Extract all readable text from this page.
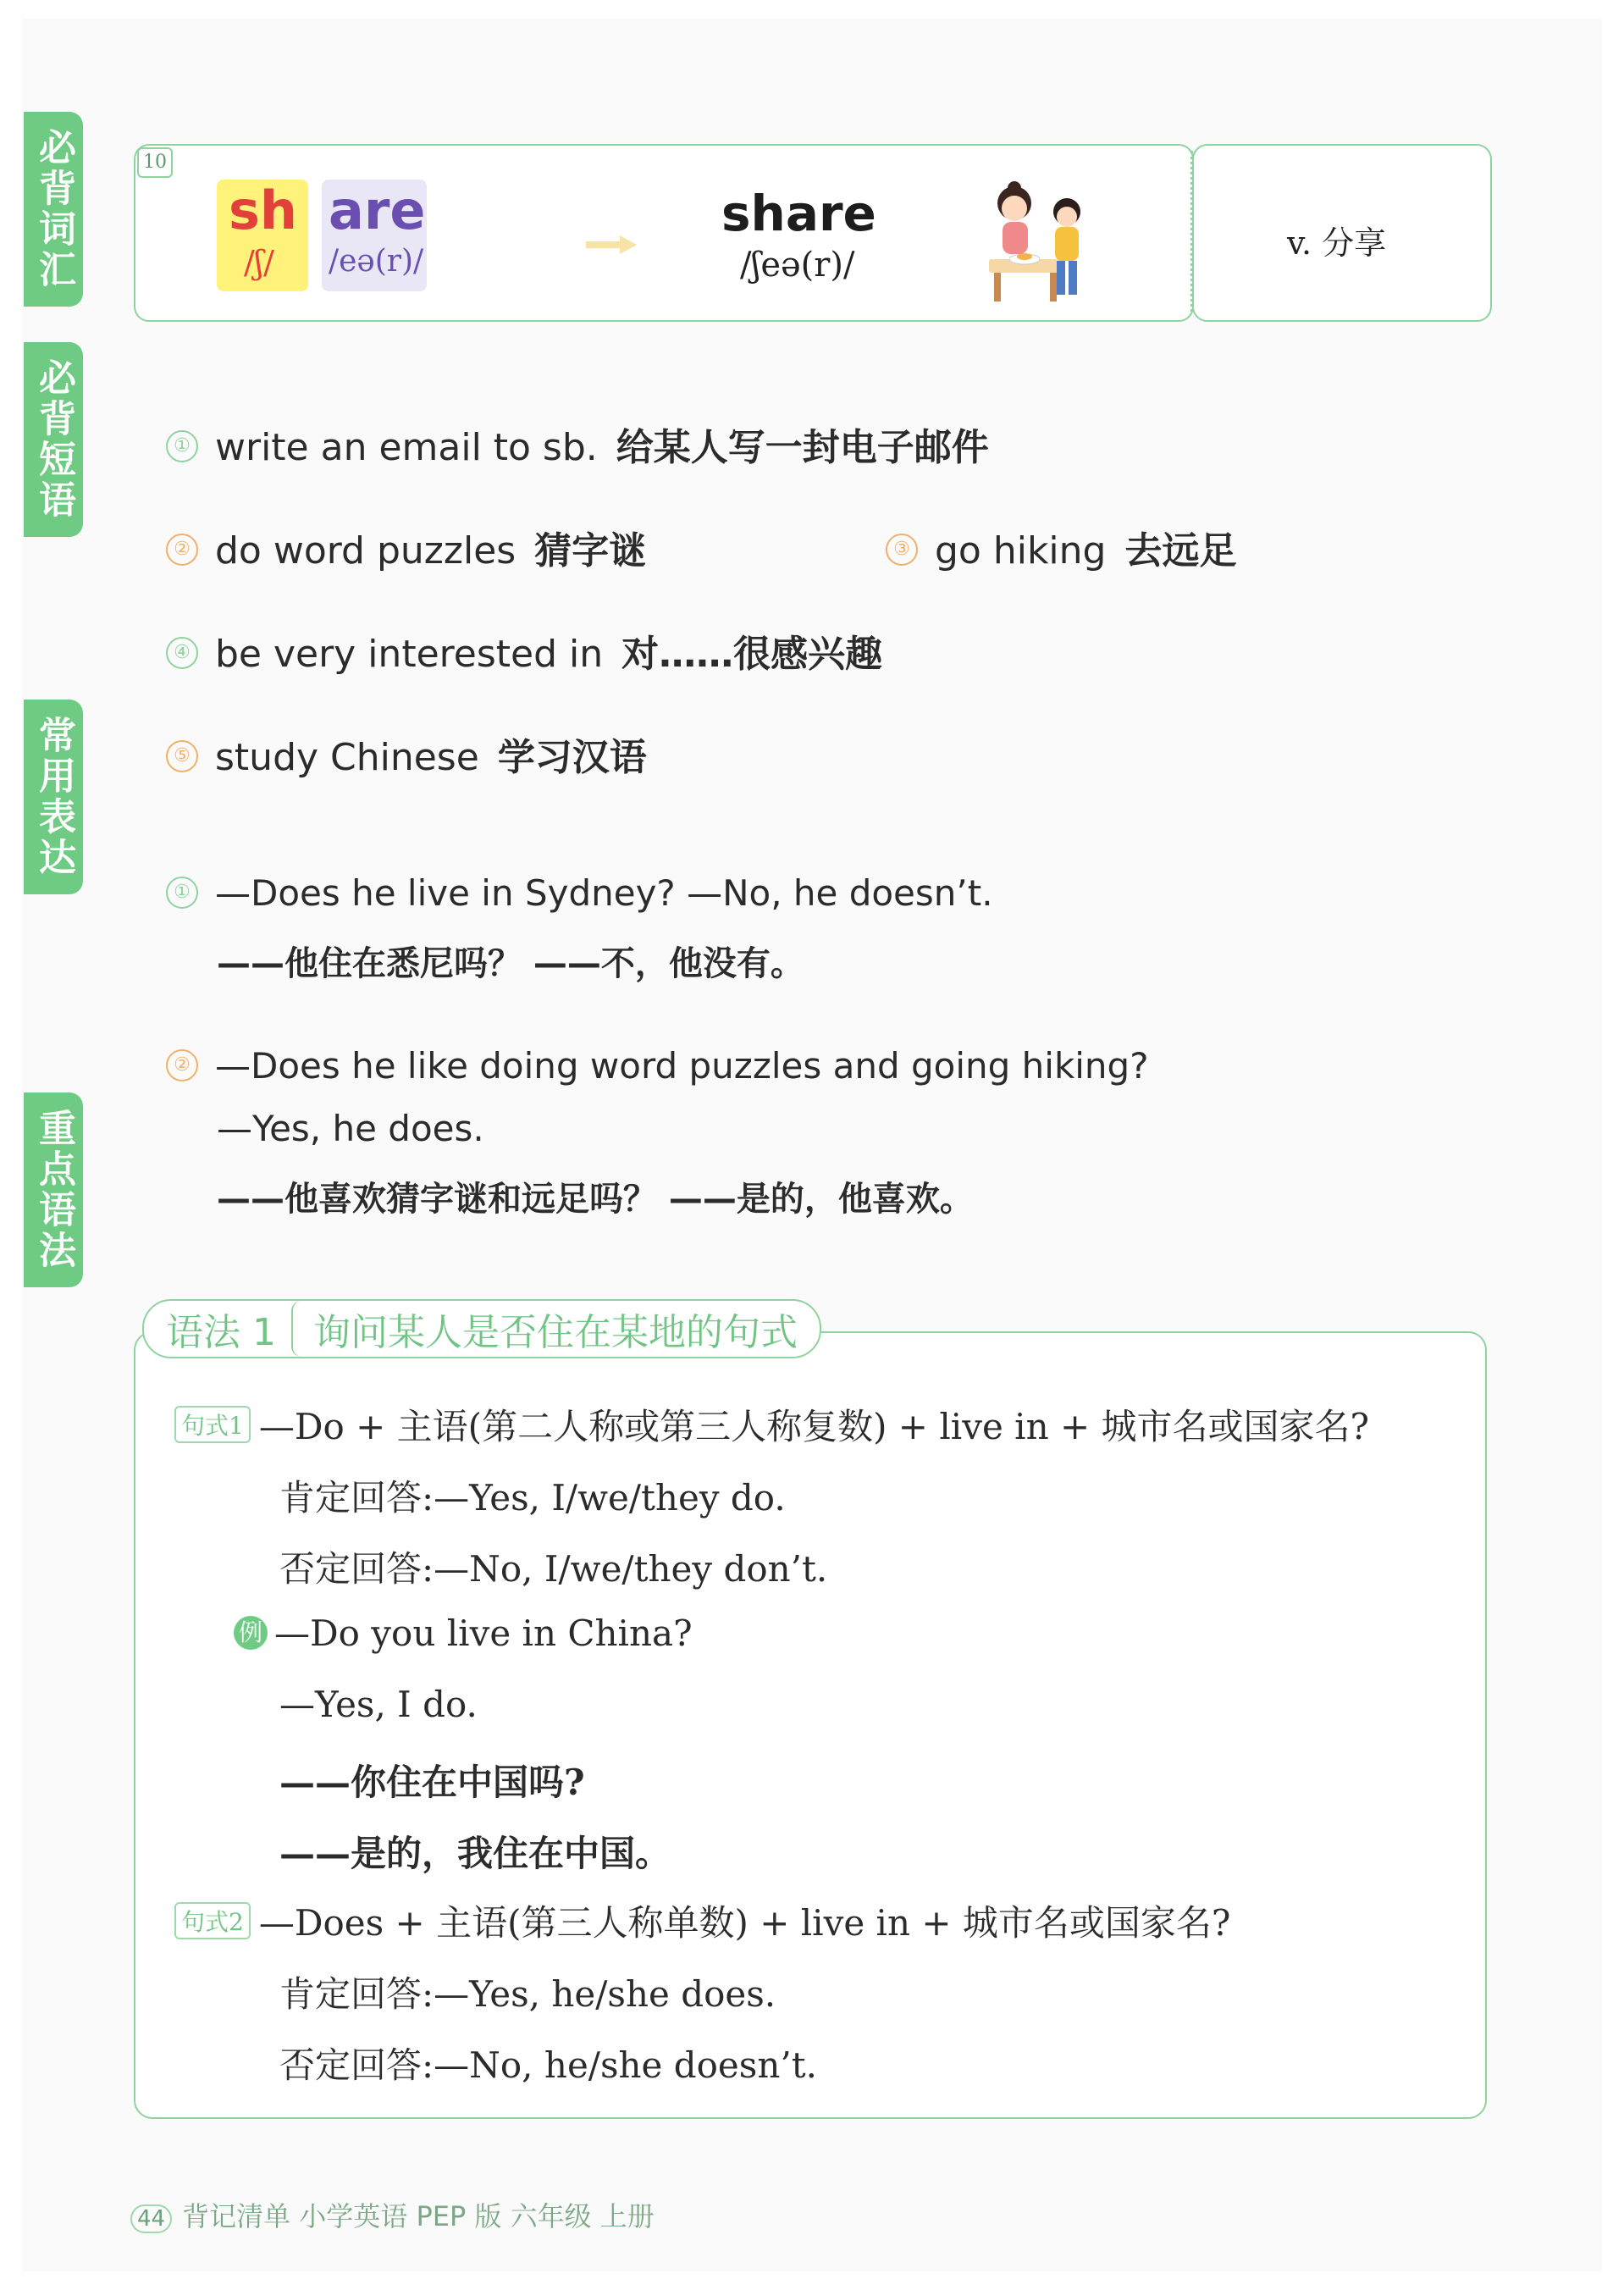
必背词汇
必背短语
常用表达
重点语法
10
sh
/ʃ/
are
/eə(r)/
share
/ʃeə(r)/
v. 分享
① write an email to sb. 给某人写一封电子邮件
② do word puzzles 猜字谜	③ go hiking 去远足
④ be very interested in 对……很感兴趣
⑤ study Chinese 学习汉语
① —Does he live in Sydney? —No, he doesn’t.
——他住在悉尼吗？ ——不，他没有。
② —Does he like doing word puzzles and going hiking?
—Yes, he does.
——他喜欢猜字谜和远足吗？ ——是的，他喜欢。
语法 1 询问某人是否住在某地的句式
句式1 —Do + 主语(第二人称或第三人称复数) + live in + 城市名或国家名?
肯定回答:—Yes, I/we/they do.
否定回答:—No, I/we/they don’t.
例 —Do you live in China?
—Yes, I do.
——你住在中国吗?
——是的，我住在中国。
句式2 —Does + 主语(第三人称单数) + live in + 城市名或国家名?
肯定回答:—Yes, he/she does.
否定回答:—No, he/she doesn’t.
44 背记清单 小学英语 PEP 版 六年级 上册
